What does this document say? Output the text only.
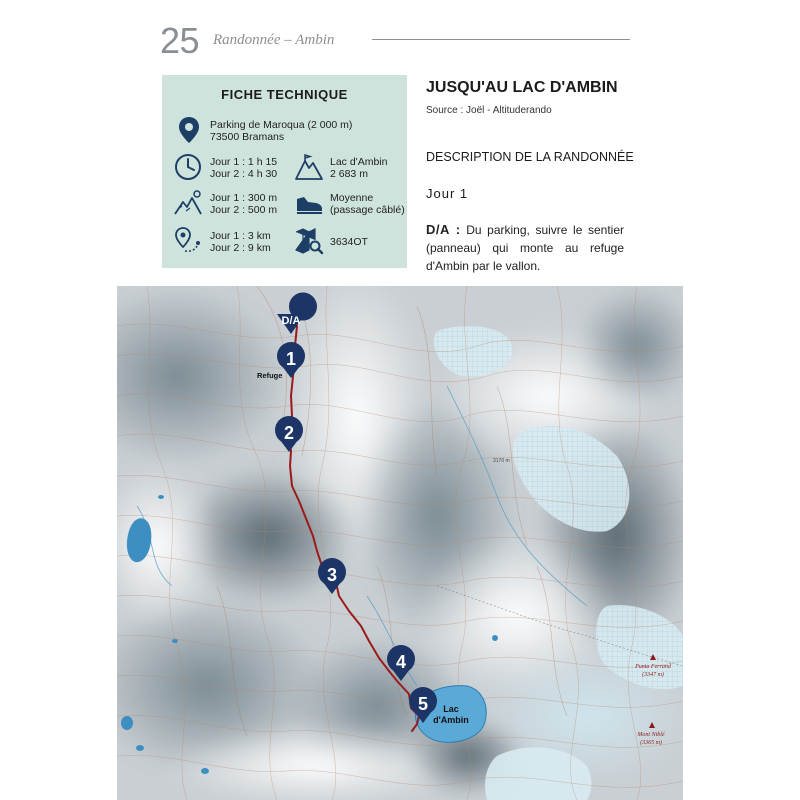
25 Randonnée – Ambin
FICHE TECHNIQUE
Parking de Maroqua (2 000 m)
73500 Bramans
Jour 1 : 1 h 15
Jour 2 : 4 h 30
Lac d'Ambin
2 683 m
Jour 1 : 300 m
Jour 2 : 500 m
Moyenne
(passage câblé)
Jour 1 : 3 km
Jour 2 : 9 km	3634OT
JUSQU'AU LAC D'AMBIN
Source : Joël - Altituderando
DESCRIPTION DE LA RANDONNÉE
Jour 1
D/A : Du parking, suivre le sentier (panneau) qui monte au refuge d'Ambin par le vallon.
Lac
d'Ambin
D/A
1
Refuge
2
3
4
5
Punta Ferrand
(3347 m)
Mont Niblé
(3365 m)
3170 m
